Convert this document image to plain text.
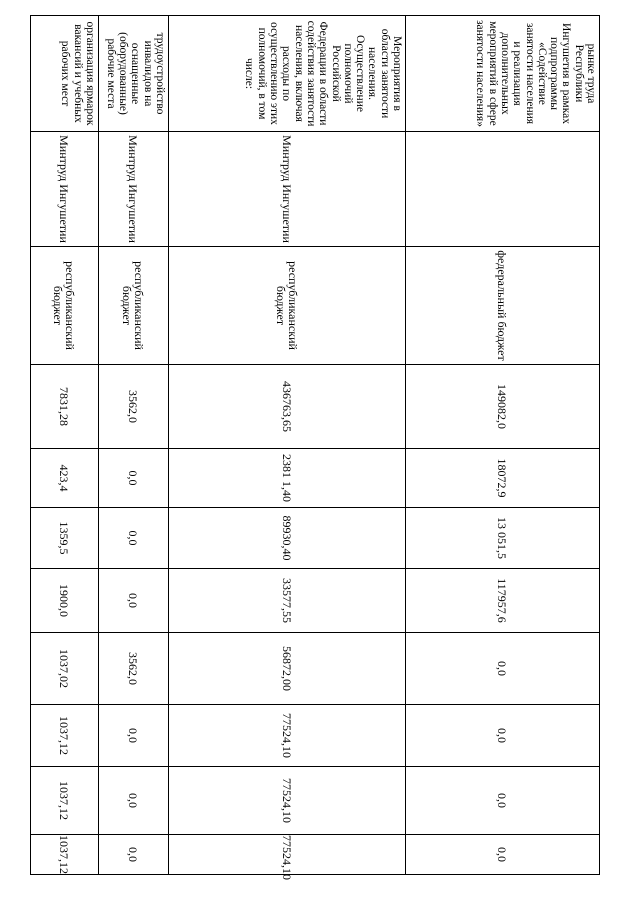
рынке труда Республики Ингушетия в рамках подпрограммы «Содействие занятости населения и реализация дополнительных мероприятий в сфере занятости населения»
федеральный бюджет
149082,0
18072,9
13 051,5
117957,6
0,0
0,0
0,0
0,0
Мероприятия в области занятости населения. Осуществление полномочий Российской Федерации в области содействия занятости населения, включая расходы по осуществлению этих полномочий, в том числе:
Минтруд Ингушетии
республиканский бюджет
436763,65
2381 1,40
89930,40
33577,55
56872,00
77524,10
77524,10
77524,10
трудоустройство инвалидов на оснащенные (оборудованные) рабочие места
Минтруд Ингушетии
республиканский бюджет
3562,0
0,0
0,0
0,0
3562,0
0,0
0,0
0,0
организация ярмарок вакансий и учебных рабочих мест
Минтруд Ингушетии
республиканский бюджет
7831,28
423,4
1359,5
1900,0
1037,02
1037,12
1037,12
1037,12
